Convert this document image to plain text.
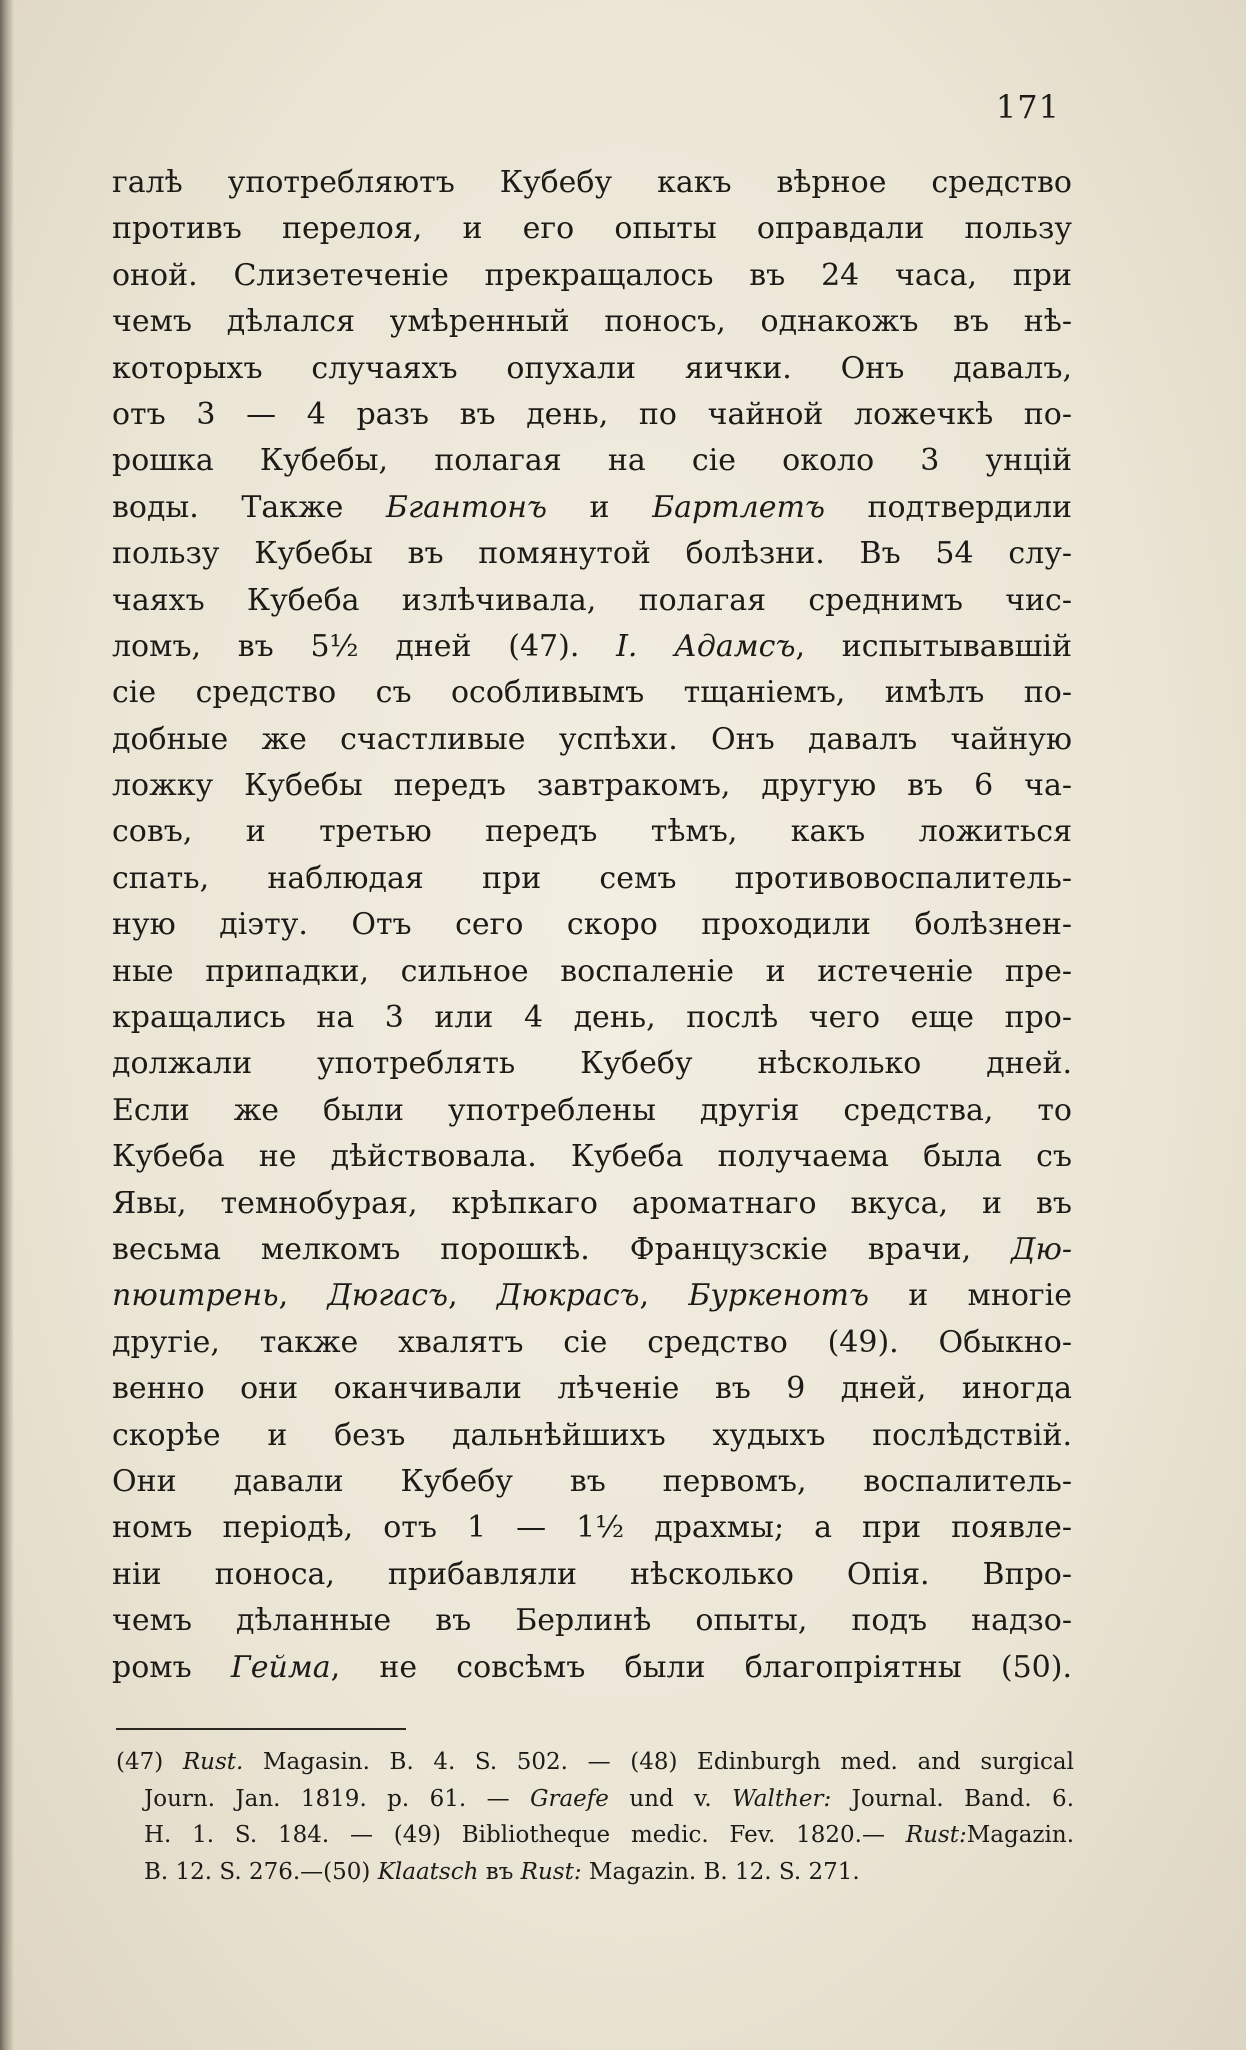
171
галѣ употребляютъ Кубебу какъ вѣрное средство
противъ перелоя, и его опыты оправдали пользу
оной. Слизетеченіе прекращалось въ 24 часа, при
чемъ дѣлался умѣренный поносъ, однакожъ въ нѣ-
которыхъ случаяхъ опухали яички. Онъ давалъ,
отъ 3 — 4 разъ въ день, по чайной ложечкѣ по-
рошка Кубебы, полагая на сіе около 3 унцій
воды. Также Бгантонъ и Бартлетъ подтвердили
пользу Кубебы въ помянутой болѣзни. Въ 54 слу-
чаяхъ Кубеба излѣчивала, полагая среднимъ чис-
ломъ, въ 5½ дней (47). І. Адамсъ, испытывавшій
сіе средство съ особливымъ тщаніемъ, имѣлъ по-
добные же счастливые успѣхи. Онъ давалъ чайную
ложку Кубебы передъ завтракомъ, другую въ 6 ча-
совъ, и третью передъ тѣмъ, какъ ложиться
спать, наблюдая при семъ противовоспалитель-
ную діэту. Отъ сего скоро проходили болѣзнен-
ные припадки, сильное воспаленіе и истеченіе пре-
кращались на 3 или 4 день, послѣ чего еще про-
должали употреблять Кубебу нѣсколько дней.
Если же были употреблены другія средства, то
Кубеба не дѣйствовала. Кубеба получаема была съ
Явы, темнобурая, крѣпкаго ароматнаго вкуса, и въ
весьма мелкомъ порошкѣ. Французскіе врачи, Дю-
пюитрень, Дюгасъ, Дюкрасъ, Буркенотъ и многіе
другіе, также хвалятъ сіе средство (49). Обыкно-
венно они оканчивали лѣченіе въ 9 дней, иногда
скорѣе и безъ дальнѣйшихъ худыхъ послѣдствій.
Они давали Кубебу въ первомъ, воспалитель-
номъ періодѣ, отъ 1 — 1½ драхмы; а при появле-
ніи поноса, прибавляли нѣсколько Опія. Впро-
чемъ дѣланные въ Берлинѣ опыты, подъ надзо-
ромъ Гейма, не совсѣмъ были благопріятны (50).
(47) Rust. Magasin. B. 4. S. 502. — (48) Edinburgh med. and surgical
Journ. Jan. 1819. p. 61. — Graefe und v. Walther: Journal. Band. 6.
H. 1. S. 184. — (49) Bibliotheque medic. Fev. 1820.— Rust:Magazin.
B. 12. S. 276.—(50) Klaatsch въ Rust: Magazin. B. 12. S. 271.
